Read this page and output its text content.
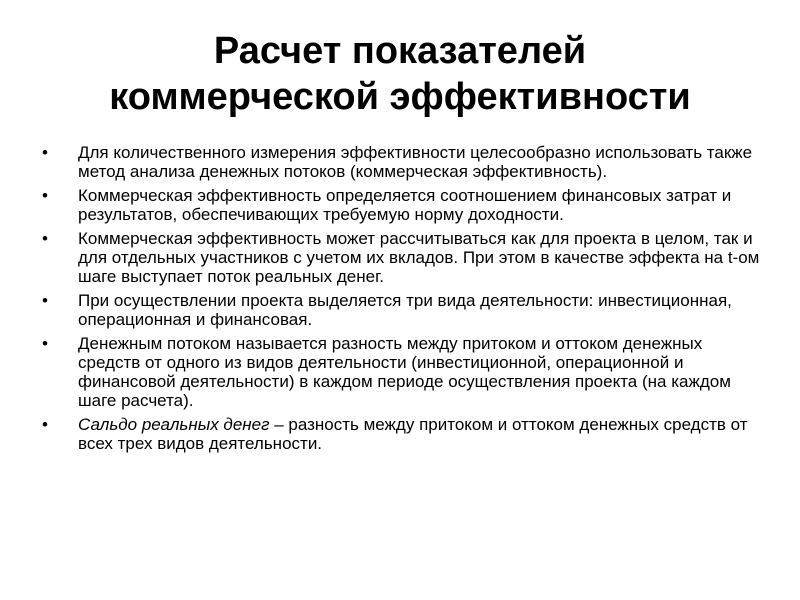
Расчет показателей
коммерческой эффективности
•	Для количественного измерения эффективности целесообразно использовать также метод анализа денежных потоков (коммерческая эффективность).
•	Коммерческая эффективность определяется соотношением финансовых затрат и результатов, обеспечивающих требуемую норму доходности.
•	Коммерческая эффективность может рассчитываться как для проекта в целом, так и для отдельных участников с учетом их вкладов. При этом в качестве эффекта на t-ом шаге выступает поток реальных денег.
•	При осуществлении проекта выделяется три вида деятельности: инвестиционная, операционная и финансовая.
•	Денежным потоком называется разность между притоком и оттоком денежных средств от одного из видов деятельности (инвестиционной, операционной и финансовой деятельности) в каждом периоде осуществления проекта (на каждом шаге расчета).
•	Сальдо реальных денег – разность между притоком и оттоком денежных средств от всех трех видов деятельности.
